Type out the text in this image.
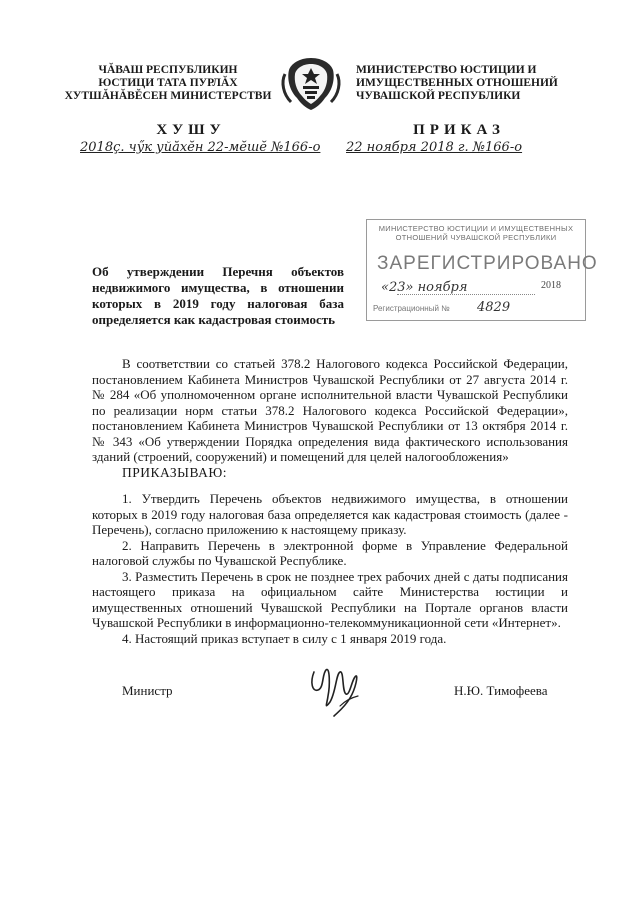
ЧĂВАШ РЕСПУБЛИКИН
ЮСТИЦИ ТАТА ПУРЛĂХ
ХУТШĂНĂВĔСЕН МИНИСТЕРСТВИ
МИНИСТЕРСТВО ЮСТИЦИИ И
ИМУЩЕСТВЕННЫХ ОТНОШЕНИЙ
ЧУВАШСКОЙ РЕСПУБЛИКИ
ХУШУ	ПРИКАЗ
2018ç. чӳк уйӑхӗн 22-мӗшӗ №166-о 22 ноября 2018 г. №166-о
МИНИСТЕРСТВО ЮСТИЦИИ И ИМУЩЕСТВЕННЫХ
ОТНОШЕНИЙ ЧУВАШСКОЙ РЕСПУБЛИКИ
ЗАРЕГИСТРИРОВАНО
«23» ноября	2018
Регистрационный № 4829
Об утверждении Перечня объектов недвижимого имущества, в отношении которых в 2019 году налоговая база определяется как кадастровая стоимость
В соответствии со статьей 378.2 Налогового кодекса Российской Федерации, постановлением Кабинета Министров Чувашской Республики от 27 августа 2014 г. № 284 «Об уполномоченном органе исполнительной власти Чувашской Республики по реализации норм статьи 378.2 Налогового кодекса Российской Федерации», постановлением Кабинета Министров Чувашской Республики от 13 октября 2014 г. № 343 «Об утверждении Порядка определения вида фактического использования зданий (строений, сооружений) и помещений для целей налогообложения»
ПРИКАЗЫВАЮ:

1. Утвердить Перечень объектов недвижимого имущества, в отношении которых в 2019 году налоговая база определяется как кадастровая стоимость (далее - Перечень), согласно приложению к настоящему приказу.

2. Направить Перечень в электронной форме в Управление Федеральной налоговой службы по Чувашской Республике.

3. Разместить Перечень в срок не позднее трех рабочих дней с даты подписания настоящего приказа на официальном сайте Министерства юстиции и имущественных отношений Чувашской Республики на Портале органов власти Чувашской Республики в информационно-телекоммуникационной сети «Интернет».

4. Настоящий приказ вступает в силу с 1 января 2019 года.

Министр	Н.Ю. Тимофеева
